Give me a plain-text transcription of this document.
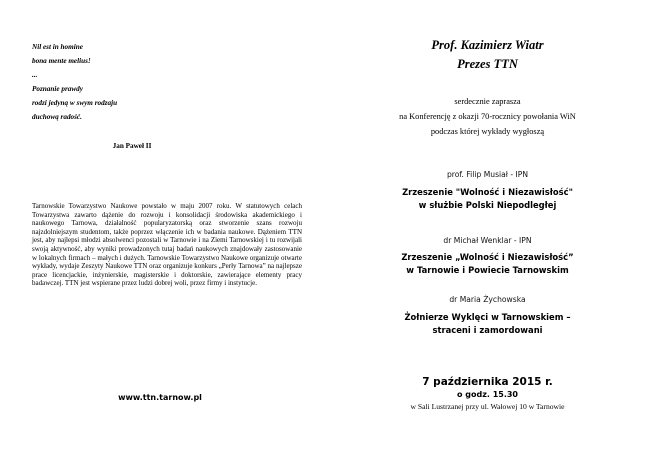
Nil est in homine
bona mente melius!
...
Poznanie prawdy
rodzi jedyną w swym rodzaju
duchową radość.
Jan Paweł II
Tarnowskie Towarzystwo Naukowe powstało w maju 2007 roku. W statutowych celach Towarzystwa zawarto dążenie do rozwoju i konsolidacji środowiska akademickiego i naukowego Tarnowa, działalność popularyzatorską oraz stworzenie szans rozwoju najzdolniejszym studentom, także poprzez włączenie ich w badania naukowe. Dążeniem TTN jest, aby najlepsi młodzi absolwenci pozostali w Tarnowie i na Ziemi Tarnowskiej i tu rozwijali swoją aktywność, aby wyniki prowadzonych tutaj badań naukowych znajdowały zastosowanie w lokalnych firmach – małych i dużych. Tarnowskie Towarzystwo Naukowe organizuje otwarte wykłady, wydaje Zeszyty Naukowe TTN oraz organizuje konkurs „Perły Tarnowa” na najlepsze prace licencjackie, inżynierskie, magisterskie i doktorskie, zawierające elementy pracy badawczej. TTN jest wspierane przez ludzi dobrej woli, przez firmy i instytucje.
www.ttn.tarnow.pl
Prof. Kazimierz Wiatr
Prezes TTN
serdecznie zaprasza
na Konferencję z okazji 70-rocznicy powołania WiN
podczas której wykłady wygłoszą
prof. Filip Musiał - IPN
Zrzeszenie "Wolność i Niezawisłość"
w służbie Polski Niepodległej
dr Michał Wenklar - IPN
Zrzeszenie „Wolność i Niezawisłość”
w Tarnowie i Powiecie Tarnowskim
dr Maria Żychowska
Żołnierze Wyklęci w Tarnowskiem –
straceni i zamordowani
7 października 2015 r.
o godz. 15.30
w Sali Lustrzanej przy ul. Wałowej 10 w Tarnowie
